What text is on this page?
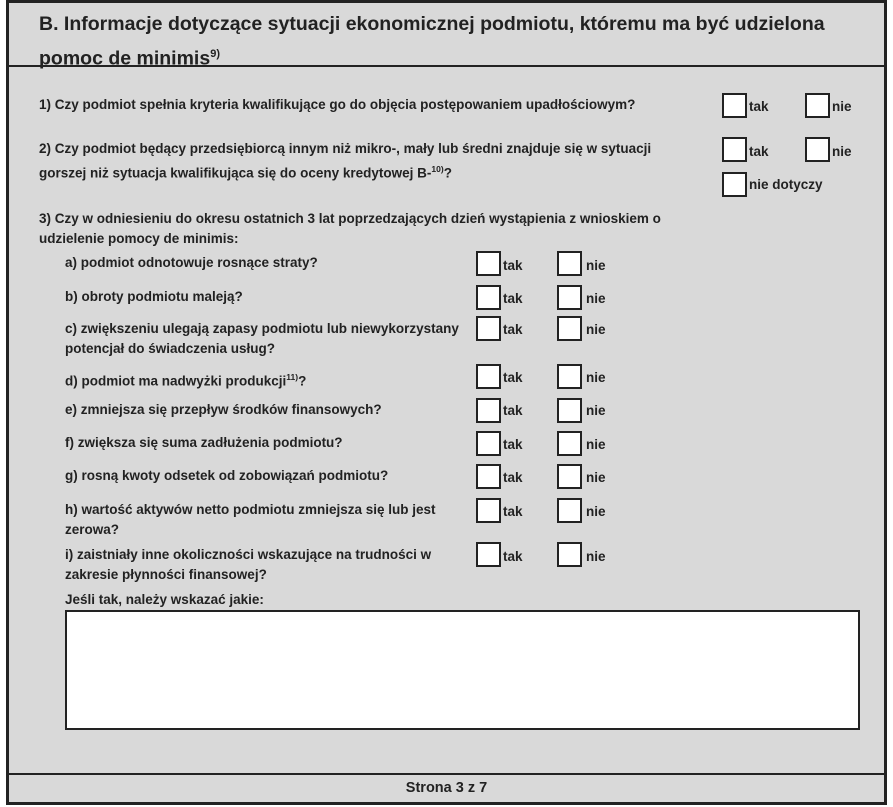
B. Informacje dotyczące sytuacji ekonomicznej podmiotu, któremu ma być udzielona pomoc de minimis$^{9)}$
1) Czy podmiot spełnia kryteria kwalifikujące go do objęcia postępowaniem upadłościowym?	tak	nie
2) Czy podmiot będący przedsiębiorcą innym niż mikro-, mały lub średni znajduje się w sytuacji
gorszej niż sytuacja kwalifikująca się do oceny kredytowej B-$^{10)}$?
tak	nie
nie dotyczy
3) Czy w odniesieniu do okresu ostatnich 3 lat poprzedzających dzień wystąpienia z wnioskiem o
udzielenie pomocy de minimis:
a) podmiot odnotowuje rosnące straty?	tak	nie
b) obroty podmiotu maleją?	tak	nie
c) zwiększeniu ulegają zapasy podmiotu lub niewykorzystany
potencjał do świadczenia usług?
tak	nie
d) podmiot ma nadwyżki produkcji$^{11)}$?	tak	nie
e) zmniejsza się przepływ środków finansowych?	tak	nie
f) zwiększa się suma zadłużenia podmiotu?	tak	nie
g) rosną kwoty odsetek od zobowiązań podmiotu?	tak	nie
h) wartość aktywów netto podmiotu zmniejsza się lub jest
zerowa?
tak	nie
i) zaistniały inne okoliczności wskazujące na trudności w
zakresie płynności finansowej?
tak	nie
Jeśli tak, należy wskazać jakie:
Strona 3 z 7
